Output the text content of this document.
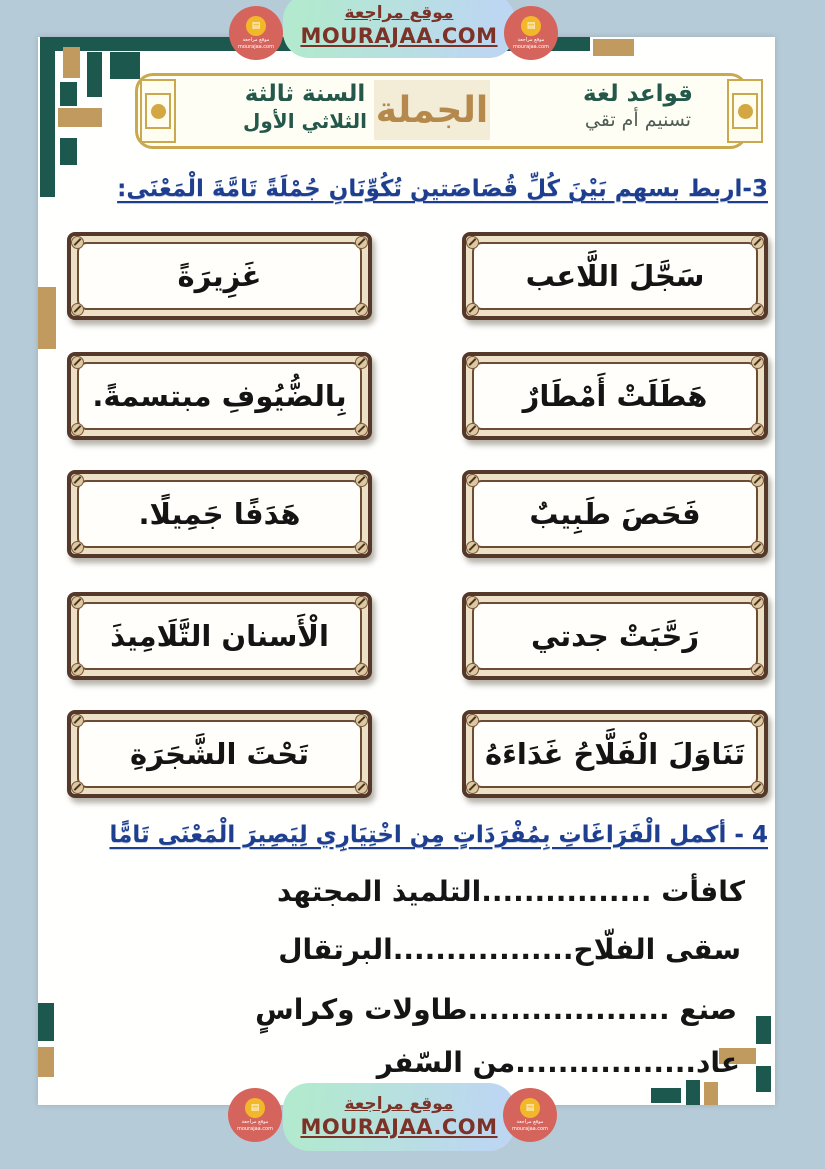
موقع مراجعة
MOURAJAA.COM
▤
موقع مراجعة
mourajaa.com
▤
موقع مراجعة
mourajaa.com
قواعد لغة
تسنيم أم تقي
الجملة
السنة ثالثة
الثلاثي الأول
3-اربط بسهم بَيْنَ كُلِّ قُصَاصَتين تُكُوِّنَانِ جُمْلَةً تَامَّةَ الْمَعْنَى:
سَجَّلَ اللَّاعب
هَطَلَتْ أَمْطَارٌ
فَحَصَ طَبِيبٌ
رَحَّبَتْ جدتي
تَنَاوَلَ الْفَلَّاحُ غَدَاءَهُ
غَزِيرَةً
بِالضُّيُوفِ مبتسمةً.
هَدَفًا جَمِيلًا.
الْأَسنان التَّلَامِيذَ
تَحْتَ الشَّجَرَةِ
4 - أكمل الْفَرَاغَاتِ بِمُفْرَدَاتٍ مِن اخْتِيَارِي لِيَصِيرَ الْمَعْنَى تَامًّا
كافأت ................التلميذ المجتهد
سقى الفلّاح.................البرتقال
صنع ...................طاولات وكراسٍ
عاد.................من السّفر
موقع مراجعة
MOURAJAA.COM
▤
موقع مراجعة
mourajaa.com
▤
موقع مراجعة
mourajaa.com
